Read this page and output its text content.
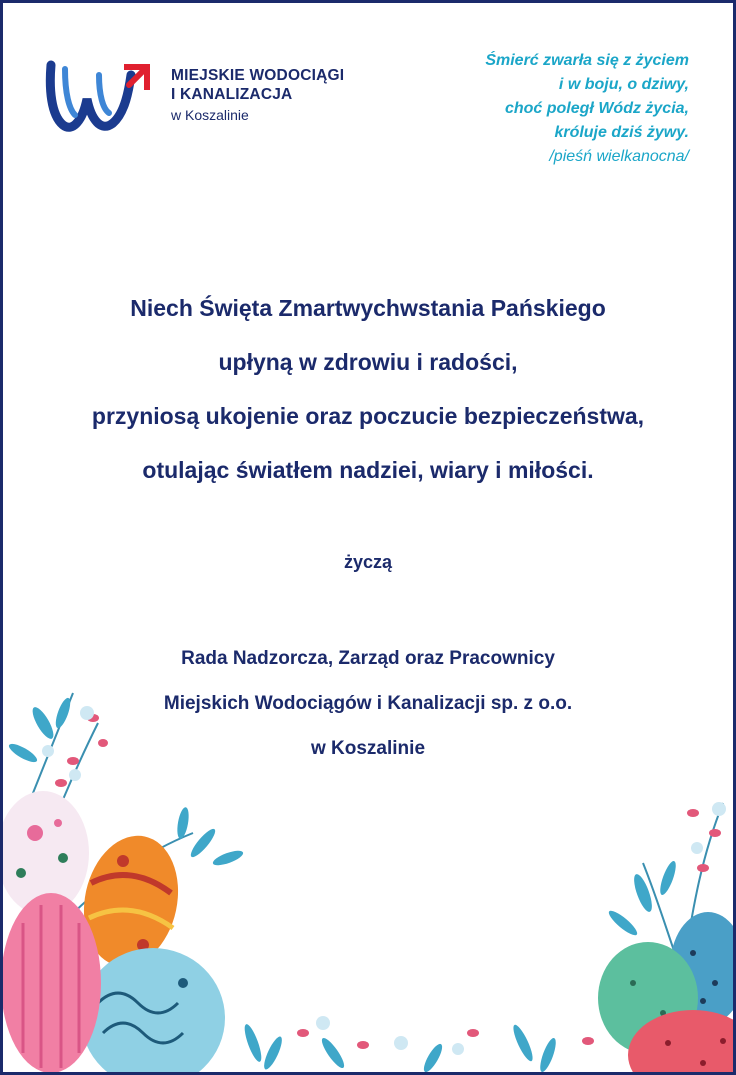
MIEJSKIE WODOCIĄGI
I KANALIZACJA
w Koszalinie
Śmierć zwarła się z życiem
i w boju, o dziwy,
choć poległ Wódz życia,
króluje dziś żywy.
/pieśń wielkanocna/
Niech Święta Zmartwychwstania Pańskiego
upłyną w zdrowiu i radości,
przyniosą ukojenie oraz poczucie bezpieczeństwa,
otulając światłem nadziei, wiary i miłości.
życzą
Rada Nadzorcza, Zarząd oraz Pracownicy
Miejskich Wodociągów i Kanalizacji sp. z o.o.
w Koszalinie
